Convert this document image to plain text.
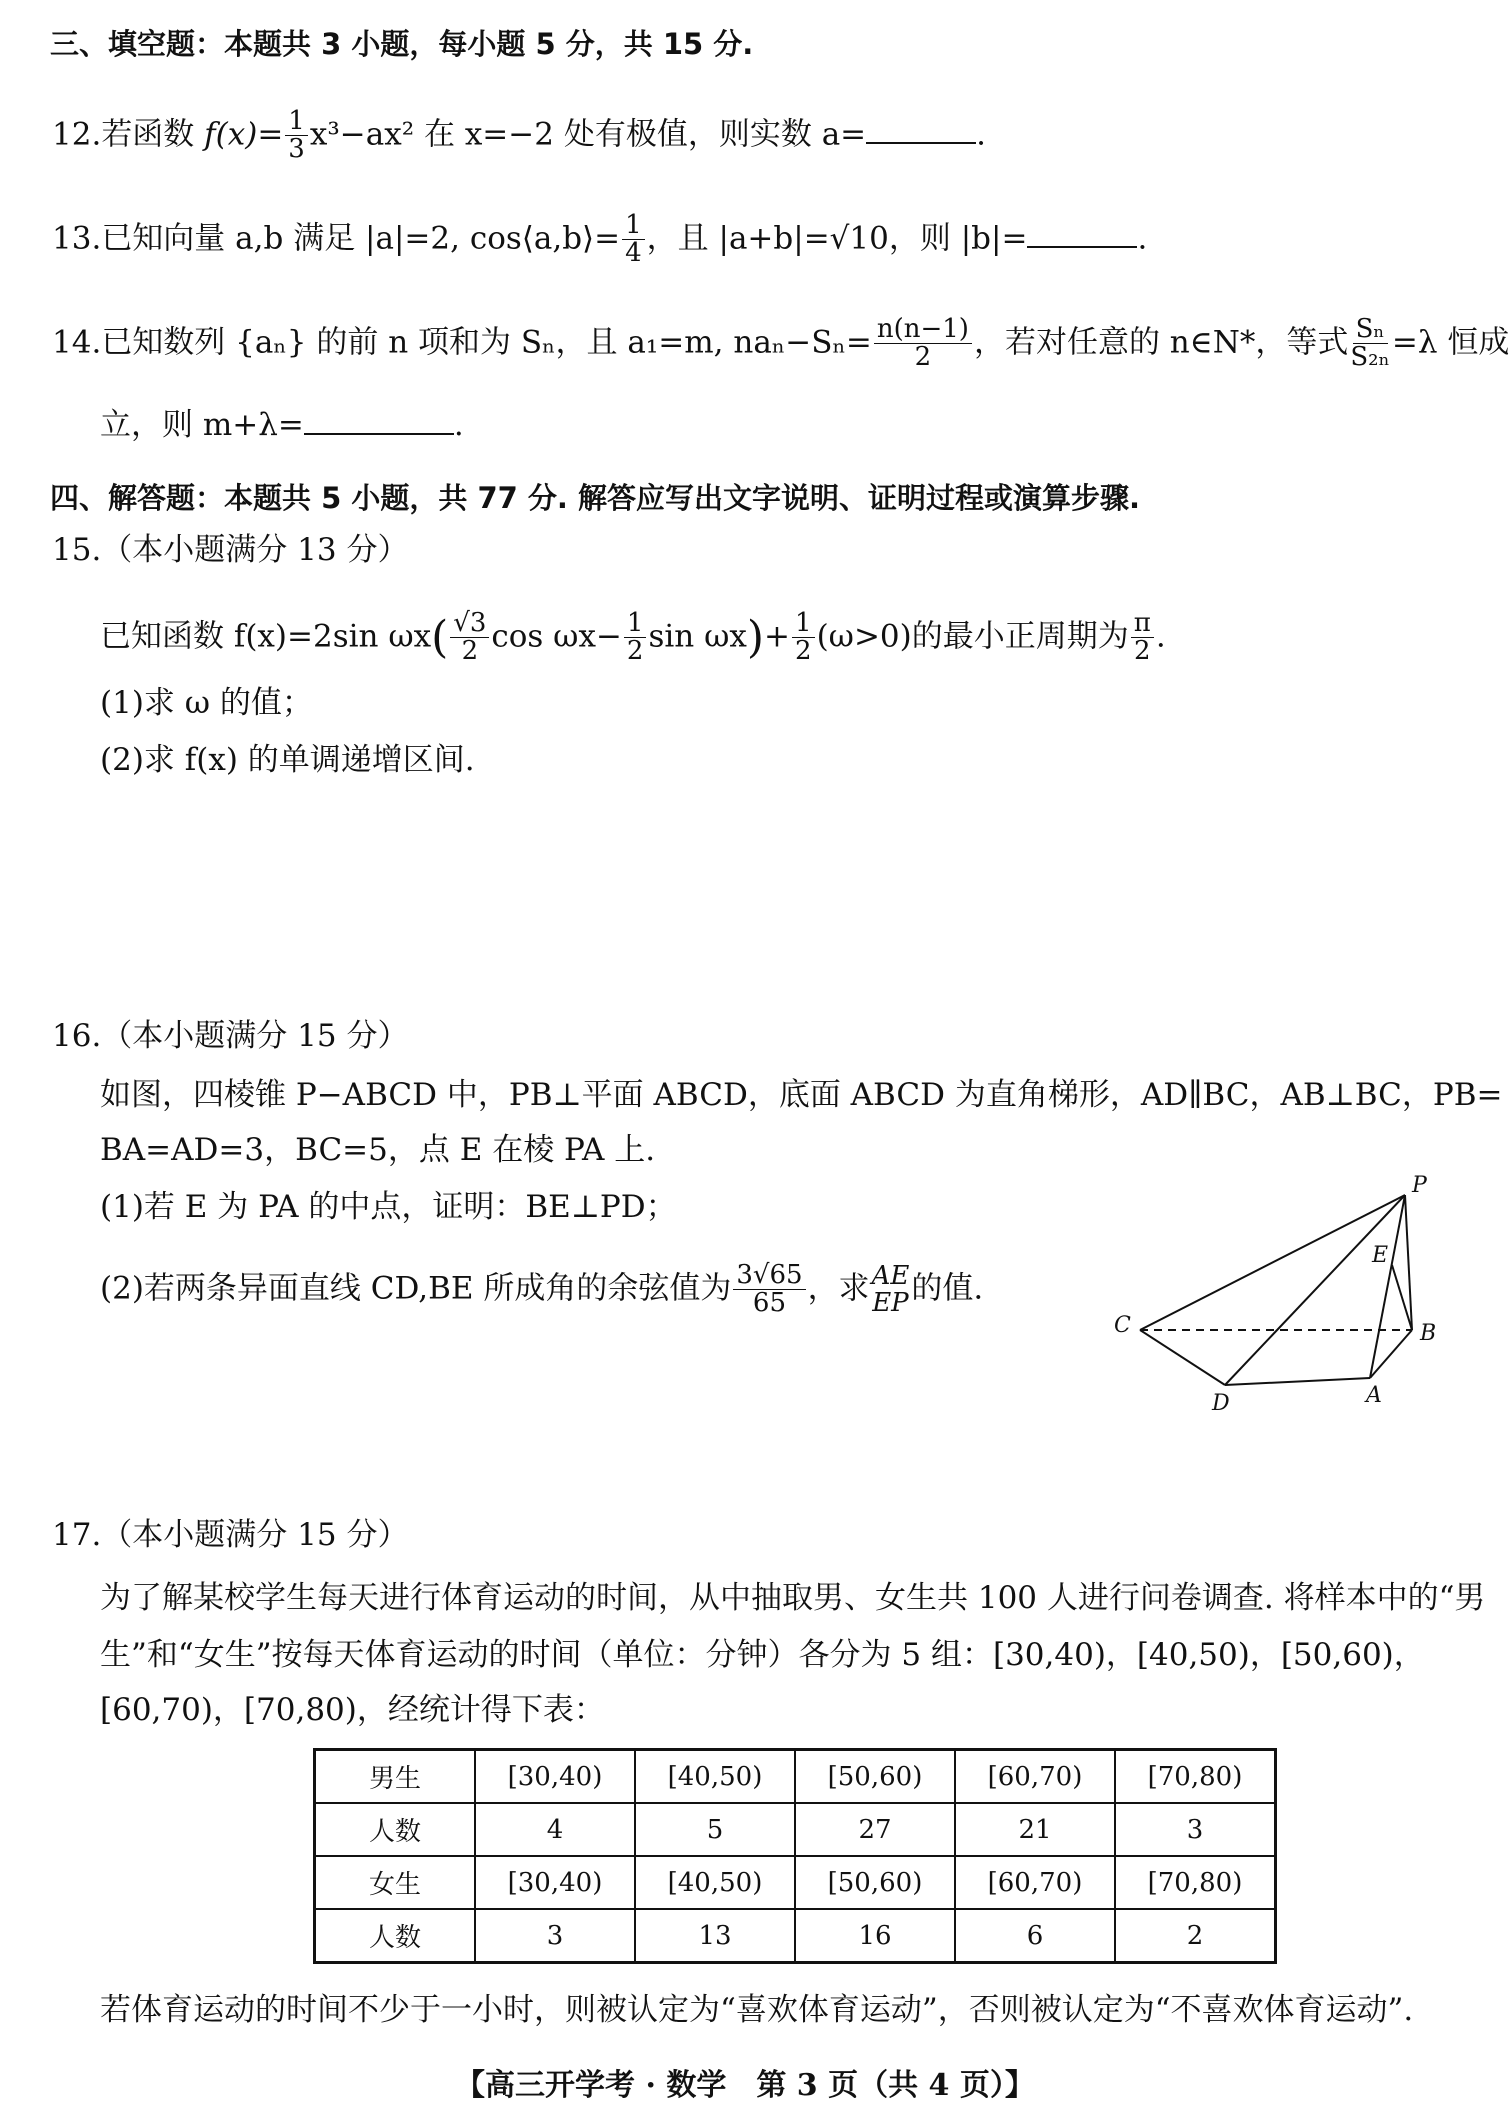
三、填空题：本题共 3 小题，每小题 5 分，共 15 分.
12.若函数 $f(x)= \frac{1}{3} x^3-ax^2$ 在 x=−2 处有极值，则实数 a=	.
13.已知向量 a,b 满足 |a|=2, cos⟨a,b⟩= $\frac{1}{4}$ ，且 |a+b|=√10，则 |b|=	.
14.已知数列 {aₙ} 的前 n 项和为 Sₙ，且 a₁=m, $na_n-S_n= \frac{n(n-1)}{2}$ ，若对任意的 n∈N*，等式 $\frac{\text{Sₙ}}{\text{S₂ₙ}} =\lambda$ 恒成
立，则 m+λ=	.
四、解答题：本题共 5 小题，共 77 分. 解答应写出文字说明、证明过程或演算步骤.
15.（本小题满分 13 分）
已知函数 f(x)=2sin $\omega x( \frac{√3}{2}$ $\cos \omega x- \frac{1}{2}$ $\sin \omega x)+ \frac{1}{2} (\omega>0)$的最小正周期为 $\frac{\pi}{2}$ .
(1)求 ω 的值；
(2)求 f(x) 的单调递增区间.
16.（本小题满分 15 分）
如图，四棱锥 P−ABCD 中，PB⊥平面 ABCD，底面 ABCD 为直角梯形，AD∥BC，AB⊥BC，PB=
BA=AD=3，BC=5，点 E 在棱 PA 上.
(1)若 E 为 PA 的中点，证明：BE⊥PD；
(2)若两条异面直线 CD,BE 所成角的余弦值为 $\frac{3√65}{65}$ ，求 AE
EP 的值.
P
E
B
C
D	A
17.（本小题满分 15 分）
为了解某校学生每天进行体育运动的时间，从中抽取男、女生共 100 人进行问卷调查. 将样本中的“男
生”和“女生”按每天体育运动的时间（单位：分钟）各分为 5 组：[30,40)，[40,50)，[50,60)，
[60,70)，[70,80)，经统计得下表：
男生	[30,40)	[40,50)	[50,60)	[60,70)	[70,80)
人数	4	5	27	21	3
女生	[30,40)	[40,50)	[50,60)	[60,70)	[70,80)
人数	3	13	16	6	2
若体育运动的时间不少于一小时，则被认定为“喜欢体育运动”，否则被认定为“不喜欢体育运动”.
【高三开学考 · 数学　第 3 页（共 4 页）】
